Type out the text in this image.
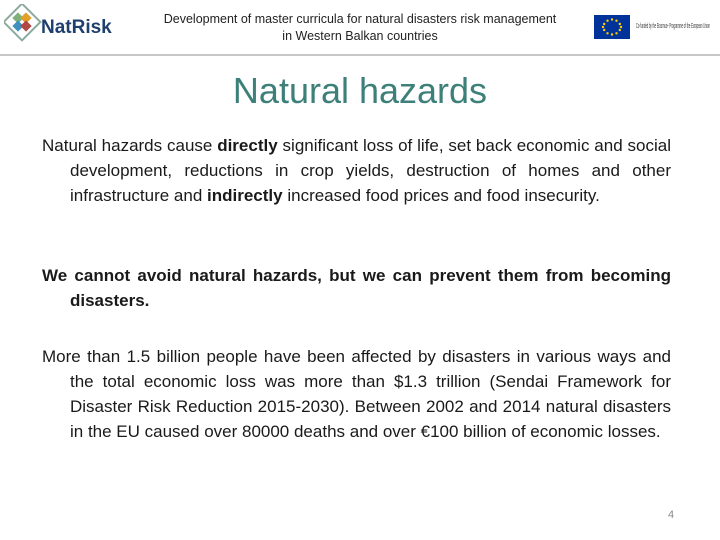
NatRisk	Development of master curricula for natural disasters risk management in Western Balkan countries
Co-funded by the Erasmus+ Programme of the European Union
Natural hazards

Natural hazards cause directly significant loss of life, set back economic and social development, reductions in crop yields, destruction of homes and other infrastructure and indirectly increased food prices and food insecurity.

We cannot avoid natural hazards, but we can prevent them from becoming disasters.

More than 1.5 billion people have been affected by disasters in various ways and the total economic loss was more than $1.3 trillion (Sendai Framework for Disaster Risk Reduction 2015-2030). Between 2002 and 2014 natural disasters in the EU caused over 80000 deaths and over €100 billion of economic losses.

4
